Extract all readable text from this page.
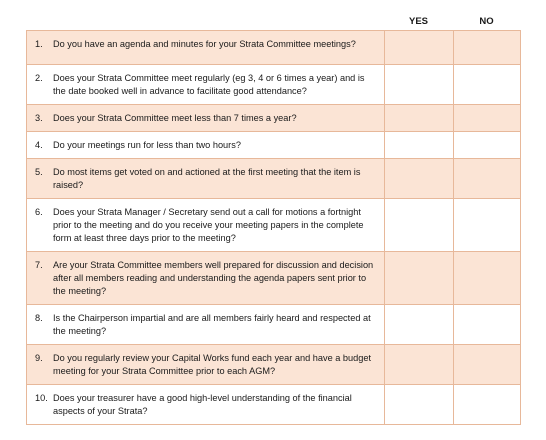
YES	NO
1. Do you have an agenda and minutes for your Strata Committee meetings?		

2. Does your Strata Committee meet regularly (eg 3, 4 or 6 times a year) and is the date booked well in advance to facilitate good attendance?		

3. Does your Strata Committee meet less than 7 times a year?		

4. Do your meetings run for less than two hours?		

5. Do most items get voted on and actioned at the first meeting that the item is raised?		

6. Does your Strata Manager / Secretary send out a call for motions a fortnight prior to the meeting and do you receive your meeting papers in the complete form at least three days prior to the meeting?		

7. Are your Strata Committee members well prepared for discussion and decision after all members reading and understanding the agenda papers sent prior to the meeting?		

8. Is the Chairperson impartial and are all members fairly heard and respected at the meeting?		

9. Do you regularly review your Capital Works fund each year and have a budget meeting for your Strata Committee prior to each AGM?		

10. Does your treasurer have a good high-level understanding of the financial aspects of your Strata?		
